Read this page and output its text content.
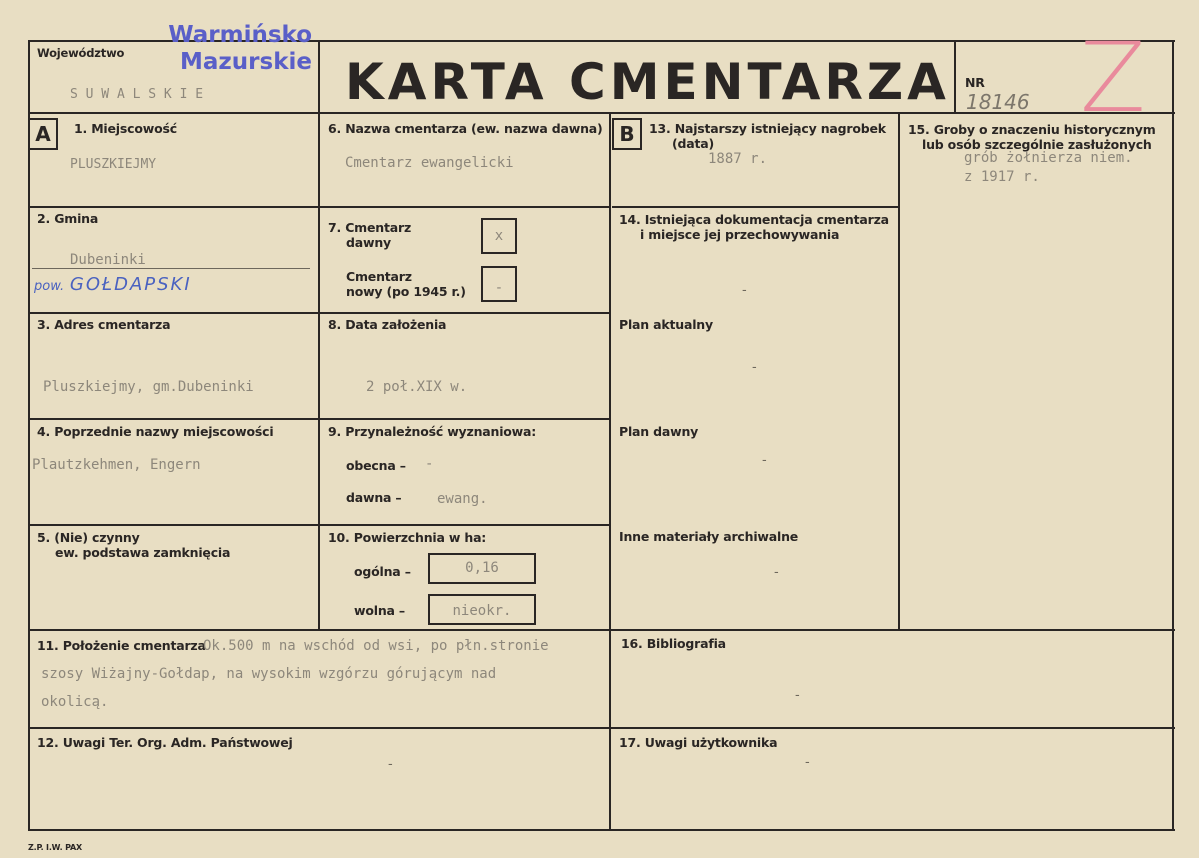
Województwo
Warmińsko
Mazurskie
S U W A L S K I E	KARTA CMENTARZA NR
18146 Z
A	1. Miejscowość
PLUSZKIEJMY
2. Gmina
Dubeninki
pow. GOŁDAPSKI
3. Adres cmentarza
Pluszkiejmy, gm.Dubeninki
4. Poprzednie nazwy miejscowości
Plautzkehmen, Engern
5. (Nie) czynny
ew. podstawa zamknięcia
6. Nazwa cmentarza (ew. nazwa dawna)
Cmentarz ewangelicki
7. Cmentarz
dawny	x
Cmentarz
nowy (po 1945 r.)	-
8. Data założenia
2 poł.XIX w.
9. Przynależność wyznaniowa:
obecna – -
dawna –	ewang.
10. Powierzchnia w ha:
ogólna –	0,16
wolna –	nieokr.
11. Położenie cmentarza
Ok.500 m na wschód od wsi, po płn.stronie
szosy Wiżajny-Gołdap, na wysokim wzgórzu górującym nad
okolicą.
12. Uwagi Ter. Org. Adm. Państwowej
-
B	13. Najstarszy istniejący nagrobek
(data)
1887 r.
14. Istniejąca dokumentacja cmentarza
i miejsce jej przechowywania
-
Plan aktualny
-
Plan dawny
-
Inne materiały archiwalne
-
15. Groby o znaczeniu historycznym
lub osób szczególnie zasłużonych
grób żołnierza niem.
z 1917 r.
16. Bibliografia
-
17. Uwagi użytkownika
-
Z.P. I.W. PAX
